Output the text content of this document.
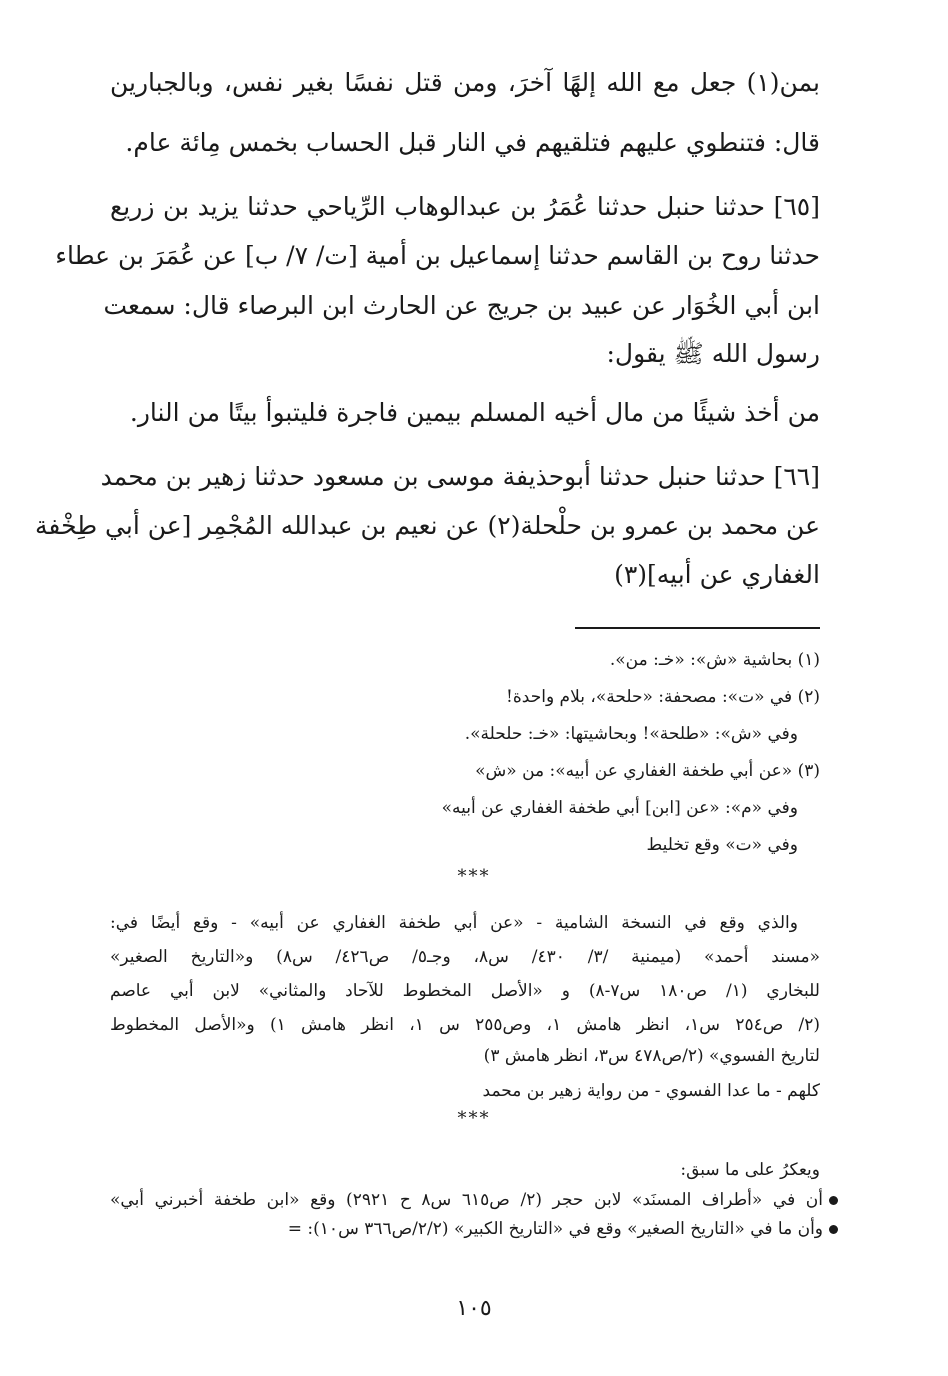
بمن(١) جعل مع الله إلهًا آخرَ، ومن قتل نفسًا بغير نفس، وبالجبارين
قال: فتنطوي عليهم فتلقيهم في النار قبل الحساب بخمس مِائة عام.
[٦٥] حدثنا حنبل حدثنا عُمَرُ بن عبدالوهاب الرِّياحي حدثنا يزيد بن زريع
حدثنا روح بن القاسم حدثنا إسماعيل بن أمية [ت/ ٧/ ب] عن عُمَرَ بن عطاء
ابن أبي الخُوَار عن عبيد بن جريج عن الحارث ابن البرصاء قال: سمعت
رسول الله ﷺ يقول:
من أخذ شيئًا من مال أخيه المسلم بيمين فاجرة فليتبوأ بيتًا من النار.
[٦٦] حدثنا حنبل حدثنا أبوحذيفة موسى بن مسعود حدثنا زهير بن محمد
عن محمد بن عمرو بن حلْحلة(٢) عن نعيم بن عبدالله المُجْمِر [عن أبي طِخْفة
الغفاري عن أبيه](٣)
(١) بحاشية «ش»: «خـ: من».
(٢) في «ت»: مصحفة: «حلحة»، بلام واحدة!
وفي «ش»: «طلحة»! وبحاشيتها: «خـ: حلحلة».
(٣) «عن أبي طخفة الغفاري عن أبيه»: من «ش»
وفي «م»: «عن [ابن] أبي طخفة الغفاري عن أبيه»
وفي «ت» وقع تخليط
***
والذي وقع في النسخة الشامية - «عن أبي طخفة الغفاري عن أبيه» - وقع أيضًا في:
«مسند أحمد» (ميمنية /٣/ ٤٣٠/ س٨، وجـ٥/ ص٤٢٦/ س٨) و«التاريخ الصغير»
للبخاري (١/ ص١٨٠ س٧-٨) و «الأصل المخطوط للآحاد والمثاني» لابن أبي عاصم
(٢/ ص٢٥٤ س١، انظر هامش ١، وص٢٥٥ س ١، انظر هامش ١) و«الأصل المخطوط
لتاريخ الفسوي» (٢/ص٤٧٨ س٣، انظر هامش ٣)
كلهم - ما عدا الفسوي - من رواية زهير بن محمد
***
ويعكرُ على ما سبق:
أن في «أطراف المسنَد» لابن حجر (٢/ ص٦١٥ س٨ ح ٢٩٢١) وقع «ابن طخفة أخبرني أبي»
وأن ما في «التاريخ الصغير» وقع في «التاريخ الكبير» (٢/٢/ص٣٦٦ س١٠): =
١٠٥
